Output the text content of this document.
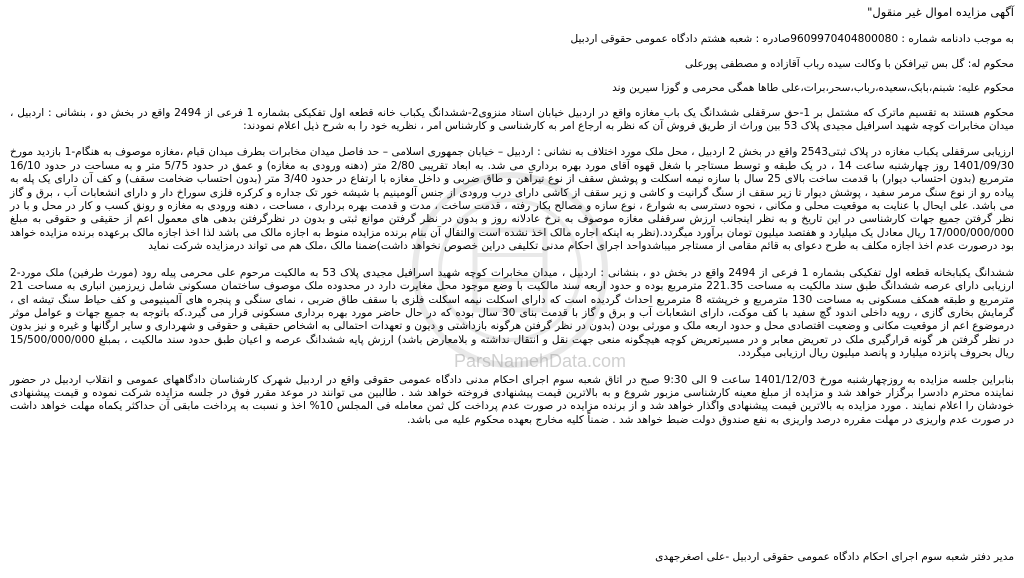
آگهی مزایده اموال غیر منقول"
به موجب دادنامه شماره : 9609970404800080صادره : شعبه هشتم دادگاه عمومی حقوقی اردبیل
محکوم له: گل بس تیرافکن با وکالت سیده رباب آقازاده و مصطفی پورعلی
محکوم علیه: شبنم،بابک،سعیده،رباب،سحر،برات،علی طاها همگی محرمی و گوزا سیرین وند
محکوم هستند به تقسیم ماترک که مشتمل بر 1-حق سرقفلی ششدانگ یک باب مغازه واقع در اردبیل خیابان استاد منزوی2-ششدانگ یکباب خانه قطعه اول تفکیکی بشماره 1 فرعی از 2494 واقع در بخش دو ، بنشانی : اردبیل ، میدان مخابرات کوچه شهید اسرافیل مجیدی پلاک 53 بین وراث از طریق فروش آن که نظر به ارجاع امر به کارشناسی و کارشناس امر ، نظریه خود را به شرح ذیل اعلام نمودند:
ارزیابی سرقفلی یکباب مغازه در پلاک ثبتی2543 واقع در بخش 2 اردبیل ، محل ملک مورد اختلاف به نشانی : اردبیل – خیابان جمهوری اسلامی – حد فاصل میدان مخابرات بطرف میدان قیام ،مغازه موصوف به هنگام-1 بازدید مورخ 1401/09/30 روز چهارشنبه ساعت 14 ، در یک طبقه و توسط مستاجر با شغل قهوه آقای مورد بهره برداری می شد. به ابعاد تقریبی 2/80 متر (دهنه ورودی به مغازه) و عمق در حدود 5/75 متر و به مساحت در حدود 16/10 مترمربع (بدون احتساب دیوار) با قدمت ساخت بالای 25 سال با سازه نیمه اسکلت و پوشش سقف از نوع تیرآهن و طاق ضربی و داخل مغازه با ارتفاع در حدود 3/40 متر (بدون احتساب ضخامت سقف) و کف آن دارای یک پله به پیاده رو از نوع سنگ مرمر سفید ، پوشش دیوار تا زیر سقف از سنگ گرانیت و کاشی و زیر سقف از کاشی دارای درب ورودی از جنس آلومینیم با شیشه خور تک جداره و کرکره فلزی سوراخ دار و دارای انشعابات آب ، برق و گاز می باشد. علی ایحال با عنایت به موقعیت محلی و مکانی ، نحوه دسترسی به شوارع ، نوع سازه و مصالح بکار رفته ، قدمت ساخت ، مدت و قدمت بهره برداری ، مساحت ، دهنه ورودی به مغازه و رونق کسب و کار در محل و با در نظر گرفتن جمیع جهات کارشناسی در این تاریخ و به نظر اینجانب ارزش سرقفلی مغازه موصوف به نرخ عادلانه روز و بدون در نظر گرفتن موانع ثبتی و بدون در نظرگرفتن بدهی های معمول اعم از حقیقی و حقوقی به مبلغ 17/000/000/000 ریال معادل یک میلیارد و هفتصد میلیون تومان برآورد میگردد.(نظر به اینکه اجاره مالک اخذ نشده است والتقال آن بنام برنده مزایده منوط به اجازه مالک می باشد لذا اخذ اجازه مالک برعهده برنده مزایده خواهد بود درصورت عدم اخذ اجازه مکلف به طرح دعوای به قائم مقامی از مستاجر میباشدواحد اجرای احکام مدنی تکلیفی دراین خصوص نخواهد داشت)ضمنا مالک ،ملک هم می تواند درمزایده شرکت نماید
ششدانگ یکبابخانه قطعه اول تفکیکی بشماره 1 فرعی از 2494 واقع در بخش دو ، بنشانی : اردبیل ، میدان مخابرات کوچه شهید اسرافیل مجیدی پلاک 53 به مالکیت مرحوم علی محرمی پیله رود (مورث طرفین) ملک مورد-2 ارزیابی دارای عرصه ششدانگ طبق سند مالکیت به مساحت 221.35 مترمربع بوده و حدود اربعه سند مالکیت با وضع موجود محل مغایرت دارد در محدوده ملک موصوف ساختمان مسکونی شامل زیرزمین انباری به مساحت 21 مترمربع و طبقه همکف مسکونی به مساحت 130 مترمربع و خرپشته 8 مترمربع احداث گردیده است که دارای اسکلت نیمه اسکلت فلزی با سقف طاق ضربی ، نمای سنگی و پنجره های آلمینیومی و کف حیاط سنگ تیشه ای ، گرمایش بخاری گازی ، رویه داخلی اندود گچ سفید با کف موکت، دارای انشعابات آب و برق و گاز با قدمت بنای 30 سال بوده که در حال حاضر مورد بهره برداری مسکونی قرار می گیرد.که باتوجه به جمیع جهات و عوامل موثر درموضوع اعم از موقعیت مکانی و وضعیت اقتصادی محل و حدود اربعه ملک و مورثی بودن (بدون در نظر گرفتن هرگونه بازداشتی و دیون و تعهدات احتمالی به اشخاص حقیقی و حقوقی و شهرداری و سایر ارگانها و غیره و نیز بدون در نظر گرفتن هر گونه قرارگیری ملک در تعریض معابر و در مسیرتعریض کوچه هیچگونه منعی جهت نقل و انتقال نداشته و بلامعارض باشد) ارزش پایه ششدانگ عرصه و اعیان طبق حدود سند مالکیت ، بمبلغ 15/500/000/000 ریال بحروف پانزده میلیارد و پانصد میلیون ریال ارزیابی میگردد.
بنابراین جلسه مزایده به روزچهارشنبه مورخ 1401/12/03 ساعت 9 الی 9:30 صبح در اتاق شعبه سوم اجرای احکام مدنی دادگاه عمومی حقوقی واقع در اردبیل شهرک کارشناسان دادگاههای عمومی و انقلاب اردبیل در حضور نماینده محترم دادسرا برگزار خواهد شد و مزایده از مبلغ معینه کارشناسی مزبور شروع و به بالاترین قیمت پیشنهادی فروخته خواهد شد . طالبین می توانند در موعد مقرر فوق در جلسه مزایده شرکت نموده و قیمت پیشنهادی خودشان را اعلام نمایند . مورد مزایده به بالاترین قیمت پیشنهادی واگذار خواهد شد و از برنده مزایده در صورت عدم پرداخت کل ثمن معامله فی المجلس 10% اخذ و نسبت به پرداخت مابقی آن حداکثر یکماه مهلت خواهد داشت در صورت عدم واریزی در مهلت مقرره درصد واریزی به نفع صندوق دولت ضبط خواهد شد . ضمناً کلیه مخارج بعهده محکوم علیه می باشد.
مدیر دفتر شعبه سوم اجرای احکام دادگاه عمومی حقوقی اردبیل -علی اصغرجهدی
ParsNamehData.com
